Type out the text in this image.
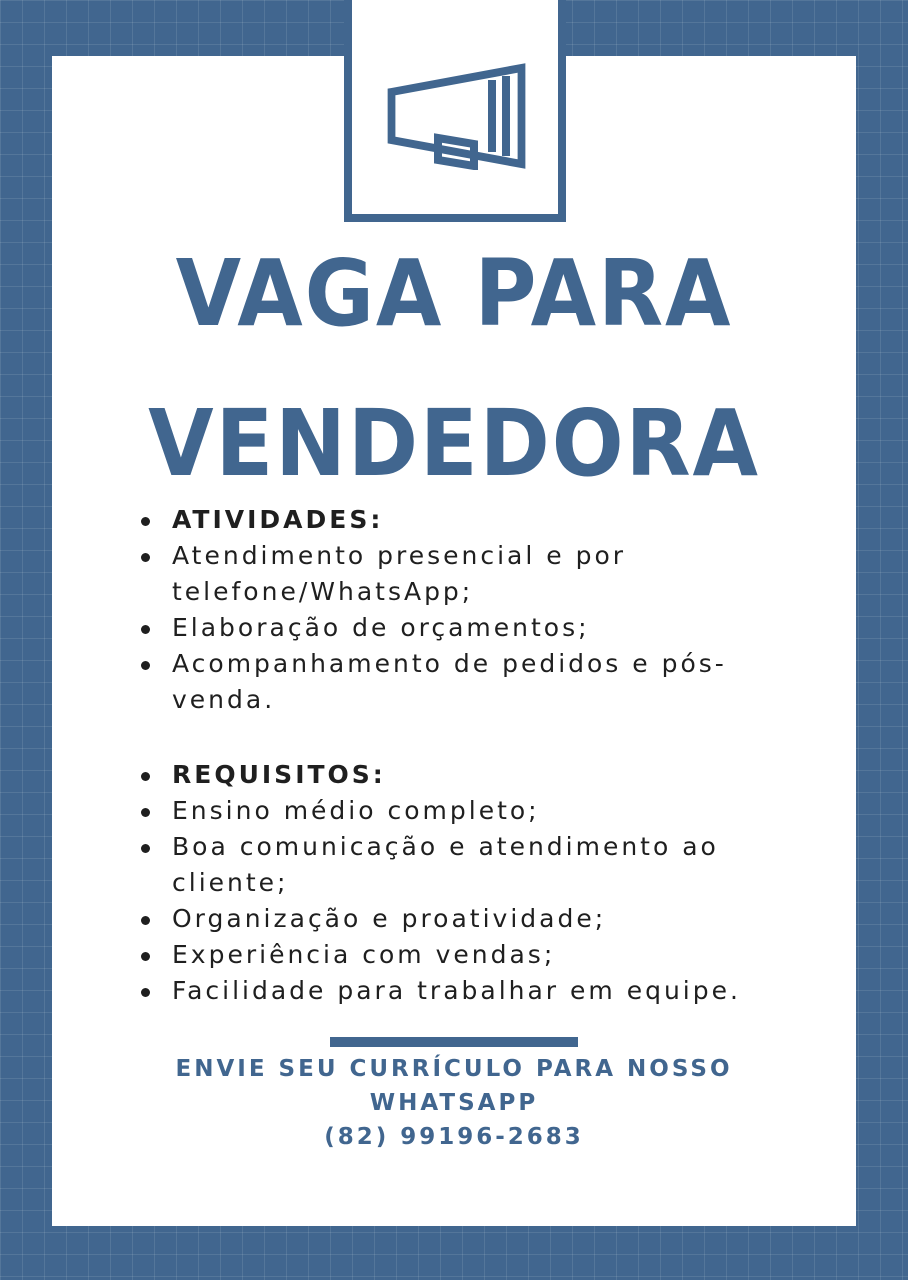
VAGA PARA
VENDEDORA
ATIVIDADES:
Atendimento presencial e por telefone/WhatsApp;
Elaboração de orçamentos;
Acompanhamento de pedidos e pós-venda.
REQUISITOS:
Ensino médio completo;
Boa comunicação e atendimento ao cliente;
Organização e proatividade;
Experiência com vendas;
Facilidade para trabalhar em equipe.
ENVIE SEU CURRÍCULO PARA NOSSO
WHATSAPP
(82) 99196-2683
